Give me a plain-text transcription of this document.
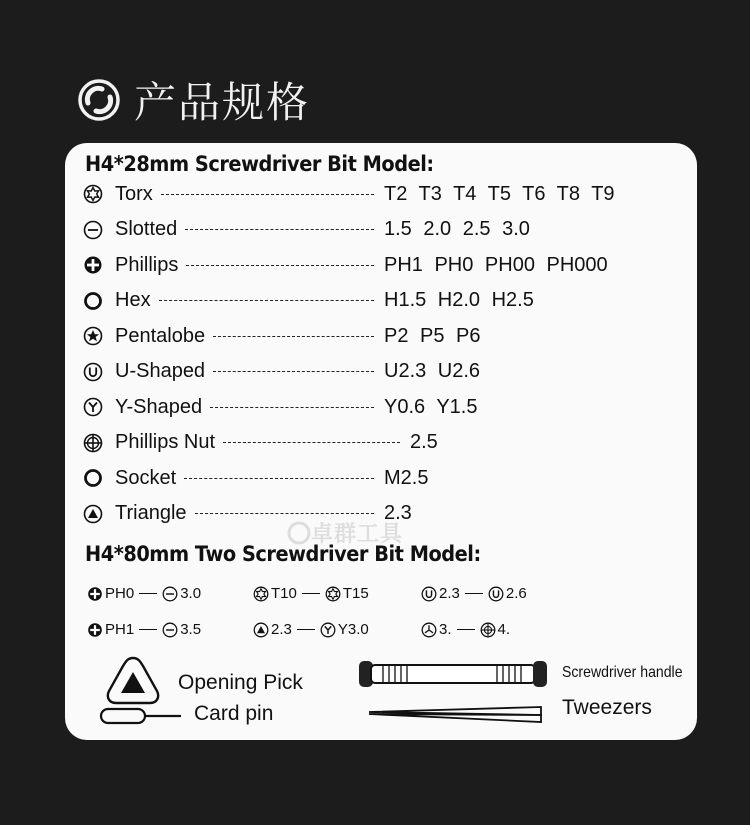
产品规格
H4*28mm Screwdriver Bit Model:
Torx	T2 T3 T4 T5 T6 T8 T9
Slotted	1.5 2.0 2.5 3.0
Phillips	PH1 PH0 PH00 PH000
Hex	H1.5 H2.0 H2.5
Pentalobe	P2 P5 P6
U-Shaped	U2.3 U2.6
Y-Shaped	Y0.6 Y1.5
Phillips Nut	2.5
Socket	M2.5
Triangle	2.3
H4*80mm Two Screwdriver Bit Model:
PH0	3.0	T10	T15	2.3	2.6
PH1	3.5	2.3	Y3.0	3.	4.
Opening Pick
Card pin
Screwdriver handle
Tweezers
卓群工具
